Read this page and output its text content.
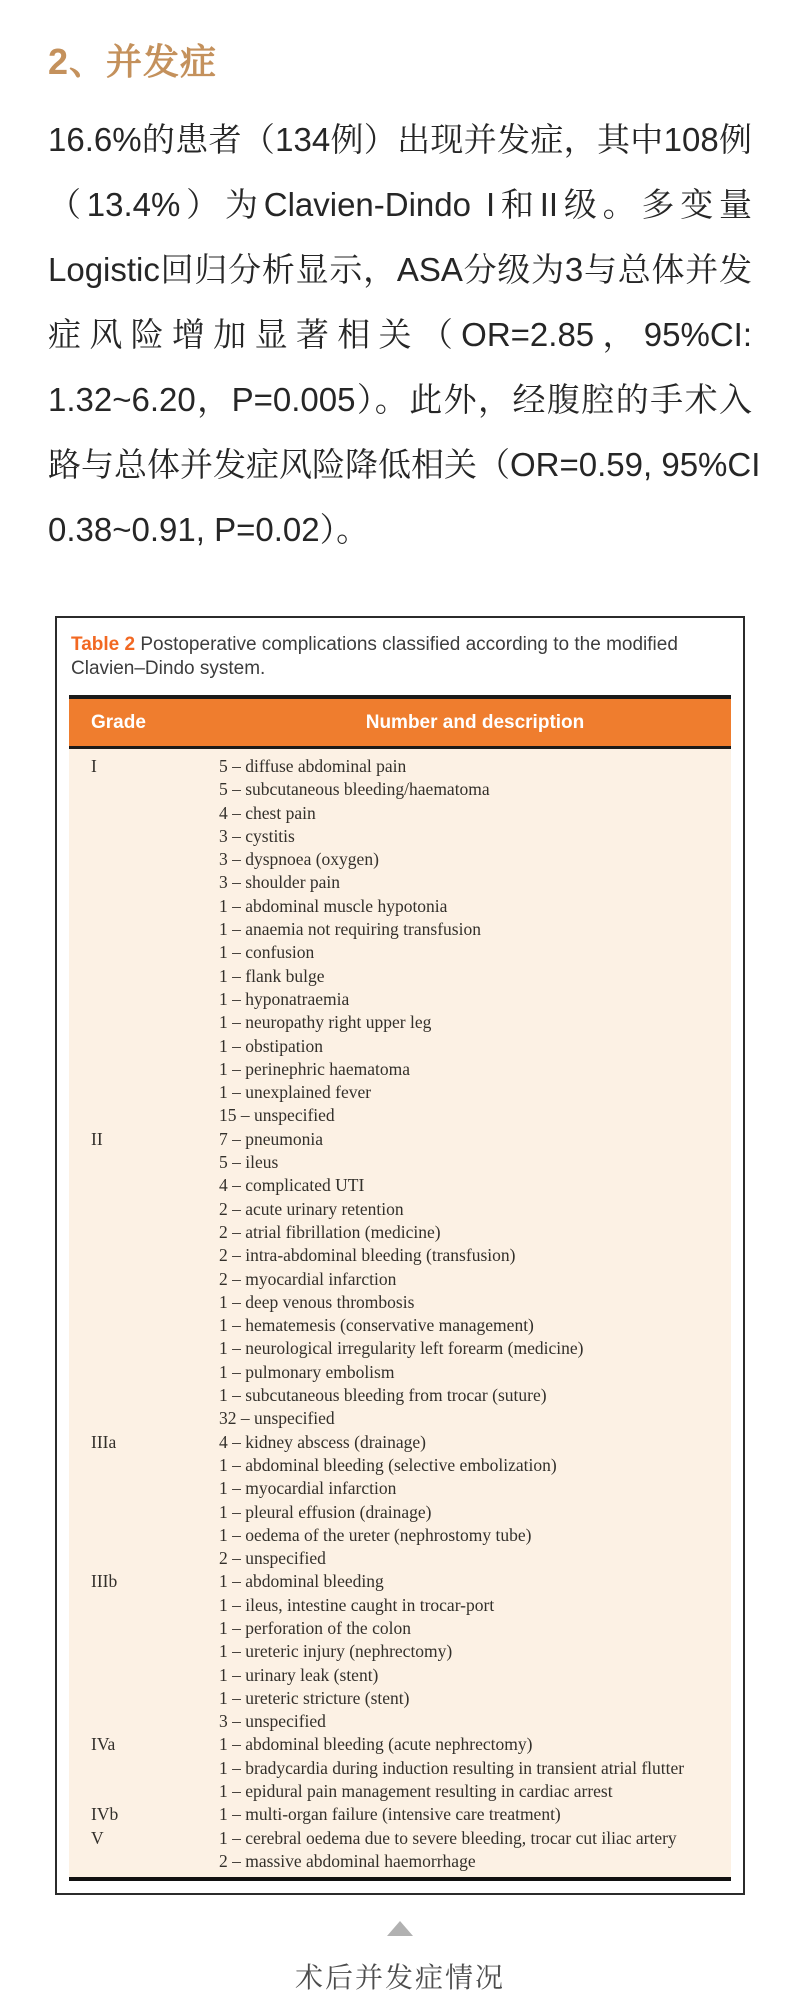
2、并发症
16.6%的患者（134例）出现并发症，其中108例
（13.4%）为Clavien-Dindo I和II级。多变量
Logistic回归分析显示，ASA分级为3与总体并发
症风险增加显著相关（OR=2.85，95%CI:
1.32~6.20，P=0.005）。此外，经腹腔的手术入
路与总体并发症风险降低相关（OR=0.59, 95%CI
0.38~0.91, P=0.02）。

Table 2 Postoperative complications classified according to the modified Clavien–Dindo system.

Grade	Number and description
I	5 – diffuse abdominal pain
5 – subcutaneous bleeding/haematoma
4 – chest pain
3 – cystitis
3 – dyspnoea (oxygen)
3 – shoulder pain
1 – abdominal muscle hypotonia
1 – anaemia not requiring transfusion
1 – confusion
1 – flank bulge
1 – hyponatraemia
1 – neuropathy right upper leg
1 – obstipation
1 – perinephric haematoma
1 – unexplained fever
15 – unspecified
II	7 – pneumonia
5 – ileus
4 – complicated UTI
2 – acute urinary retention
2 – atrial fibrillation (medicine)
2 – intra-abdominal bleeding (transfusion)
2 – myocardial infarction
1 – deep venous thrombosis
1 – hematemesis (conservative management)
1 – neurological irregularity left forearm (medicine)
1 – pulmonary embolism
1 – subcutaneous bleeding from trocar (suture)
32 – unspecified
IIIa	4 – kidney abscess (drainage)
1 – abdominal bleeding (selective embolization)
1 – myocardial infarction
1 – pleural effusion (drainage)
1 – oedema of the ureter (nephrostomy tube)
2 – unspecified
IIIb	1 – abdominal bleeding
1 – ileus, intestine caught in trocar-port
1 – perforation of the colon
1 – ureteric injury (nephrectomy)
1 – urinary leak (stent)
1 – ureteric stricture (stent)
3 – unspecified
IVa	1 – abdominal bleeding (acute nephrectomy)
1 – bradycardia during induction resulting in transient atrial flutter
1 – epidural pain management resulting in cardiac arrest
IVb	1 – multi-organ failure (intensive care treatment)
V	1 – cerebral oedema due to severe bleeding, trocar cut iliac artery
2 – massive abdominal haemorrhage
术后并发症情况
